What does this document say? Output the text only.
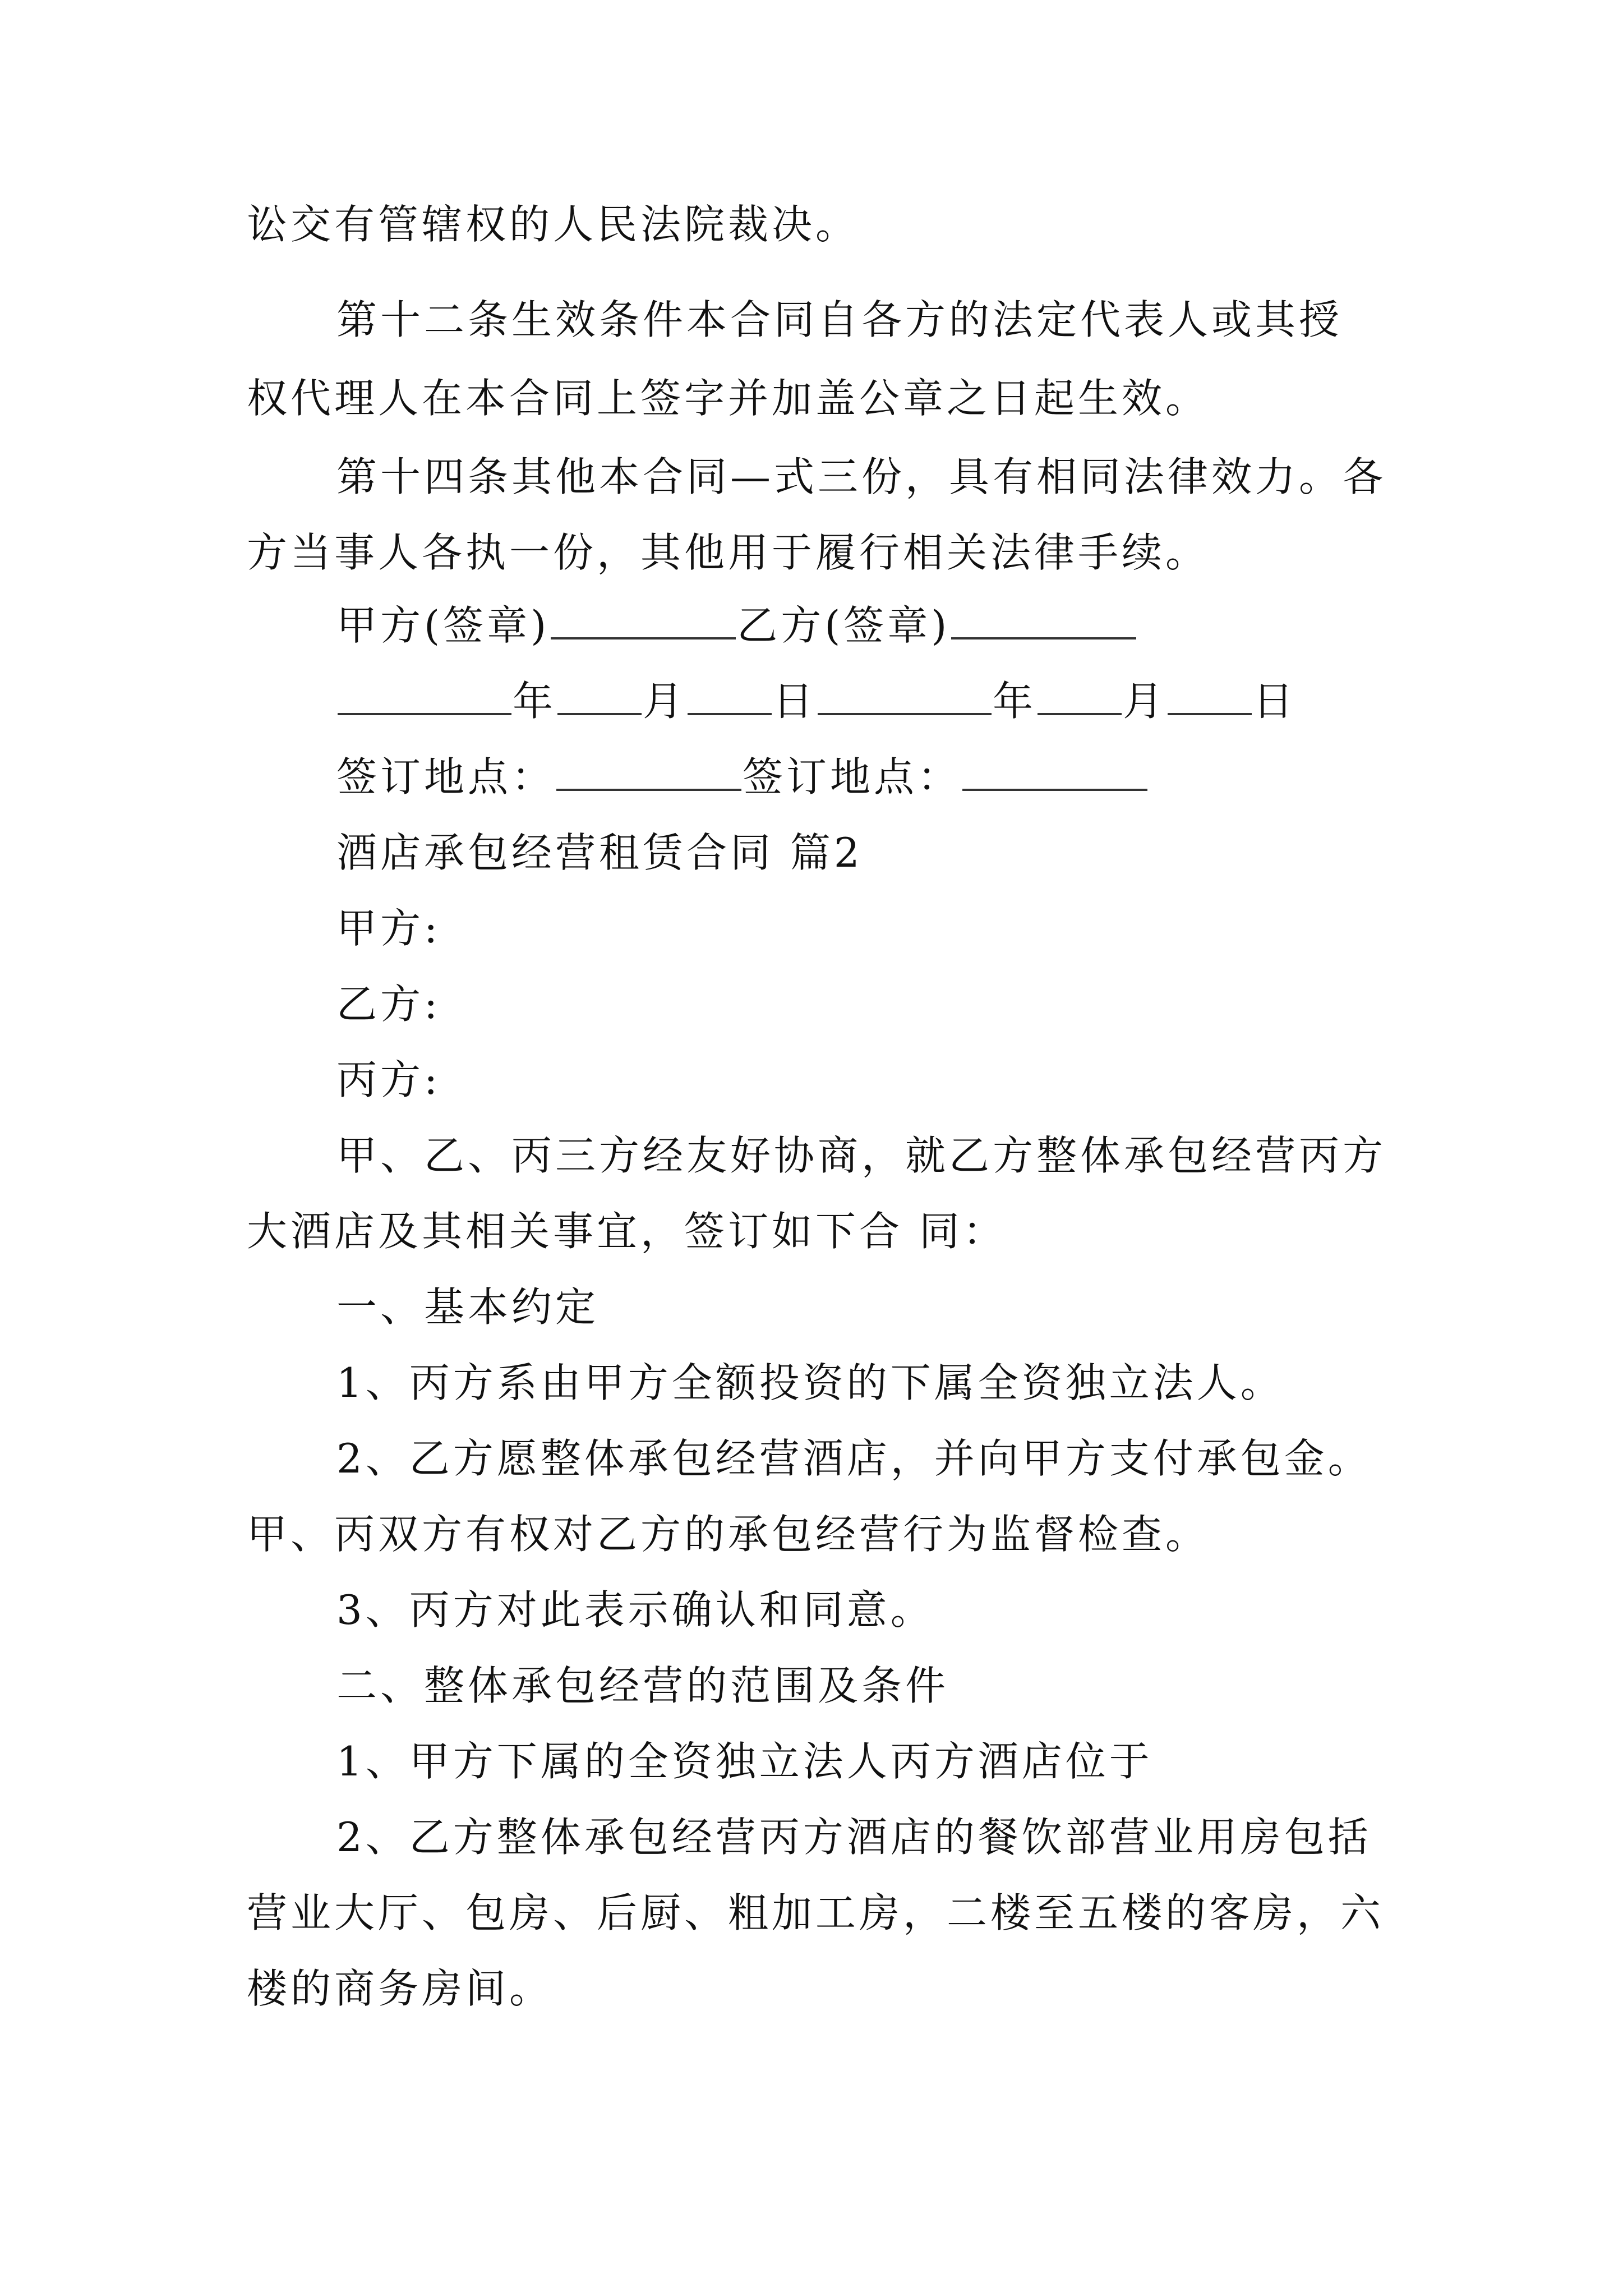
讼交有管辖权的人民法院裁决。
第十二条生效条件本合同自各方的法定代表人或其授
权代理人在本合同上签字并加盖公章之日起生效。
第十四条其他本合同—式三份，具有相同法律效力。各
方当事人各执一份，其他用于履行相关法律手续。
甲方(签章)	乙方(签章)
年 月 日	年 月 日
签订地点：	签订地点：
酒店承包经营租赁合同 篇2
甲方:
乙方:
丙方:
甲、乙、丙三方经友好协商，就乙方整体承包经营丙方
大酒店及其相关事宜，签订如下合 同：
一、基本约定
1、丙方系由甲方全额投资的下属全资独立法人。
2、乙方愿整体承包经营酒店，并向甲方支付承包金。
甲、丙双方有权对乙方的承包经营行为监督检查。
3、丙方对此表示确认和同意。
二、整体承包经营的范围及条件
1、甲方下属的全资独立法人丙方酒店位于
2、乙方整体承包经营丙方酒店的餐饮部营业用房包括
营业大厅、包房、后厨、粗加工房，二楼至五楼的客房，六
楼的商务房间。
